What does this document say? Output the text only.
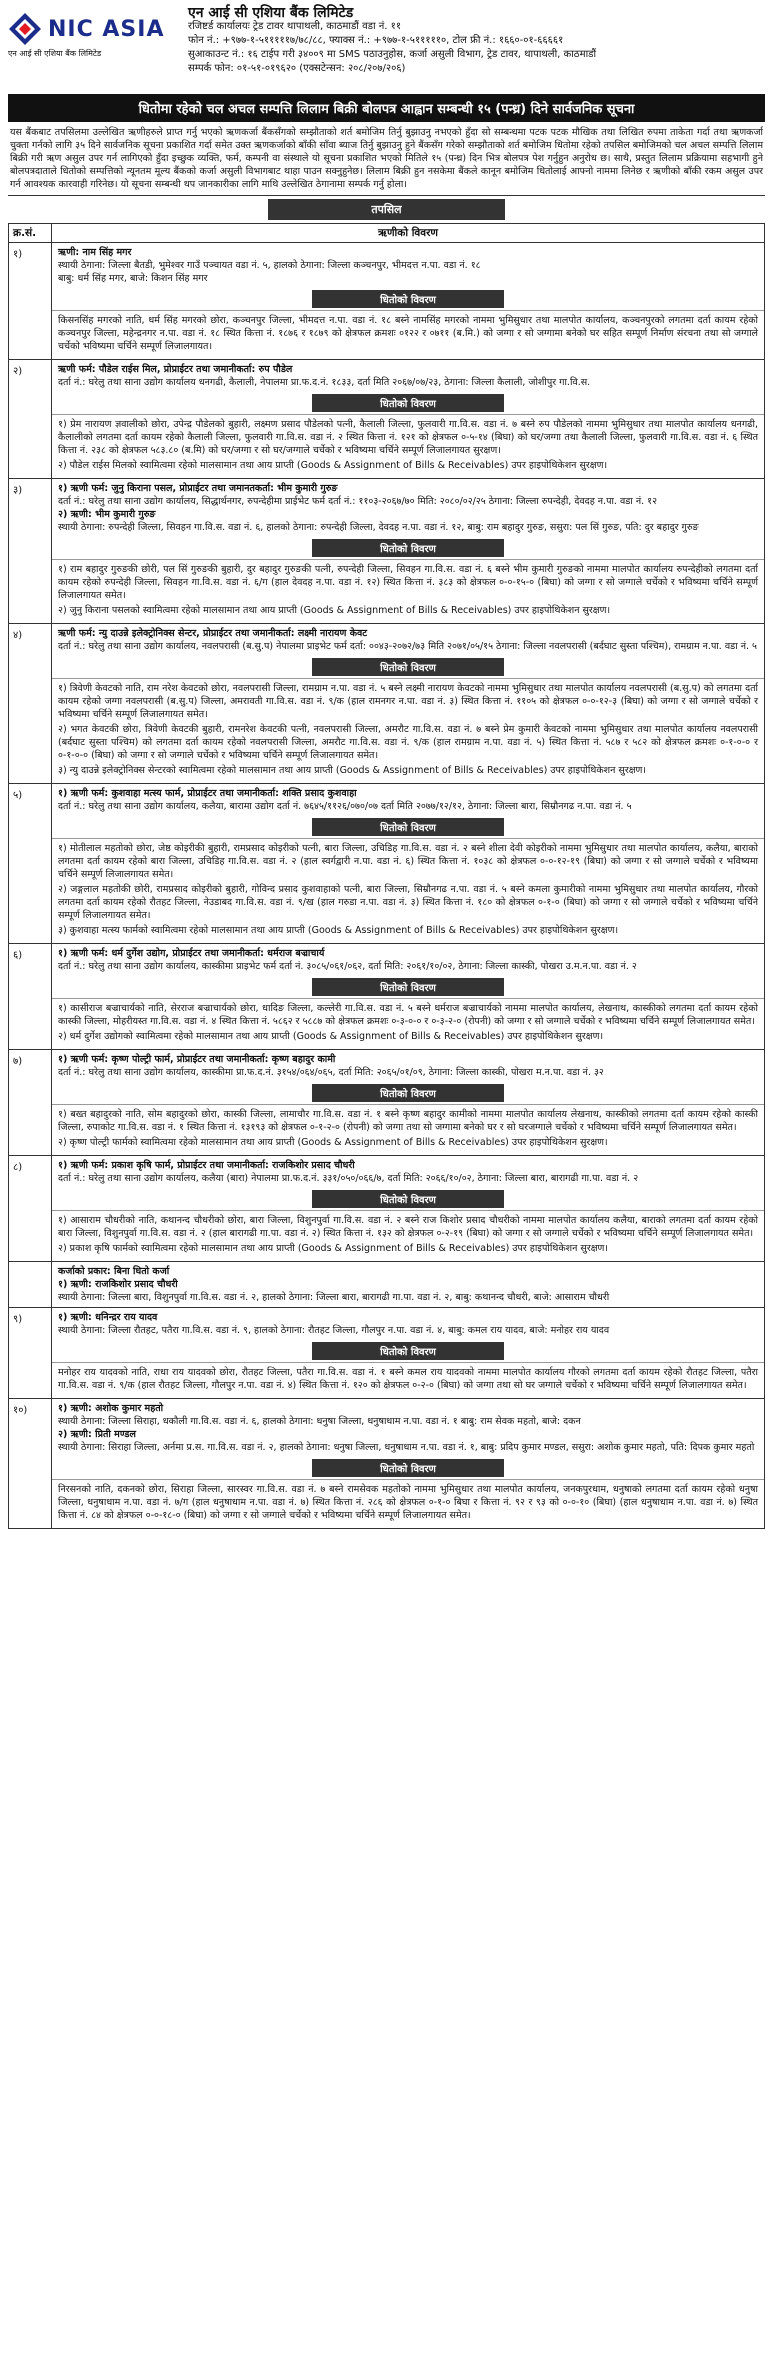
NIC ASIA
एन आई सी एशिया बैंक लिमिटेड
एन आई सी एशिया बैंक लिमिटेड
रजिष्टर्ड कार्यालयः ट्रेड टावर थापाथली, काठमाडौं वडा नं. ११
फोन नं.: +९७७-१-५१११११७/७८/८८, फ्याक्स नं.: +९७७-१-५१११११०, टोल फ्री नं.: १६६०-०१-६६६६१
सुआकाउन्ट नं.: १६ टाईप गरी ३४००९ मा SMS पठाउनुहोस, कर्जा असुली विभाग, ट्रेड टावर, थापाथली, काठमाडौं
सम्पर्क फोन: ०१-५१-०१९६२० (एक्सटेन्सन: २०८/२०७/२०६)
धितोमा रहेको चल अचल सम्पत्ति लिलाम बिक्री बोलपत्र आह्वान सम्बन्धी १५ (पन्ध्र) दिने सार्वजनिक सूचना
यस बैंकबाट तपसिलमा उल्लेखित ऋणीहरुले प्राप्त गर्नु भएको ऋणकर्जा बैंकसँगको सम्झौताको शर्त बमोजिम तिर्नु बुझाउनु नभएको हुँदा सो सम्बन्धमा पटक पटक मौखिक तथा लिखित रुपमा ताकेता गर्दा तथा ऋणकर्जा चुक्ता गर्नको लागि ३५ दिने सार्वजनिक सूचना प्रकाशित गर्दा समेत उक्त ऋणकर्जाको बाँकी साँवा ब्याज तिर्नु बुझाउनु हुने बैंकसँग गरेको सम्झौताको शर्त बमोजिम धितोमा रहेको तपसिल बमोजिमको चल अचल सम्पत्ति लिलाम बिक्री गरी ऋण असुल उपर गर्न लागिएको हुँदा इच्छुक व्यक्ति, फर्म, कम्पनी वा संस्थाले यो सूचना प्रकाशित भएको मितिले १५ (पन्ध्र) दिन भित्र बोलपत्र पेश गर्नुहुन अनुरोध छ। साथै, प्रस्तुत लिलाम प्रक्रियामा सहभागी हुने बोलपत्रदाताले धितोको सम्पत्तिको न्यूनतम मूल्य बैंकको कर्जा असुली विभागबाट थाहा पाउन सक्नुहुनेछ। लिलाम बिक्री हुन नसकेमा बैंकले कानून बमोजिम धितोलाई आफ्नो नाममा लिनेछ र ऋणीको बाँकी रकम असुल उपर गर्न आवश्यक कारवाही गरिनेछ। यो सूचना सम्बन्धी थप जानकारीका लागि माथि उल्लेखित ठेगानामा सम्पर्क गर्नु होला।
तपसिल
क्र.सं.	ऋणीको विवरण
१)	ऋणी: नाम सिंह मगर
स्थायी ठेगाना: जिल्ला बैतडी, भुमेश्वर गाउँ पञ्चायत वडा नं. ५, हालको ठेगाना: जिल्ला कञ्चनपुर, भीमदत्त न.पा. वडा नं. १८
बाबु: धर्म सिंह मगर, बाजे: किशन सिंह मगर
धितोको विवरण

किसनसिंह मगरको नाति, धर्म सिंह मगरको छोरा, कञ्चनपुर जिल्ला, भीमदत्त न.पा. वडा नं. १८ बस्ने नामसिंह मगरको नाममा भुमिसुधार तथा मालपोत कार्यालय, कञ्चनपुरको लगतमा दर्ता कायम रहेको कञ्चनपुर जिल्ला, महेन्द्रनगर न.पा. वडा नं. १८ स्थित कित्ता नं. १८७६ र १८७९ को क्षेत्रफल क्रमशः ०१२२ र ०७११ (ब.मि.) को जग्गा र सो जग्गामा बनेको घर सहित सम्पूर्ण निर्माण संरचना तथा सो जग्गाले चर्चेको भविष्यमा चर्चिने सम्पूर्ण लिजालगायत।

२)	ऋणी फर्म: पौडेल राईस मिल, प्रोप्राईटर तथा जमानीकर्ता: रुप पौडेल
दर्ता नं.: घरेलु तथा साना उद्योग कार्यालय धनगढी, कैलाली, नेपालमा प्रा.फ.द.नं. १८३३, दर्ता मिति २०६७/०७/२३, ठेगाना: जिल्ला कैलाली, जोशीपुर गा.वि.स.
धितोको विवरण

१) प्रेम नारायण ज्ञवालीको छोरा, उपेन्द्र पौडेलको बुहारी, लक्ष्मण प्रसाद पौडेलको पत्नी, कैलाली जिल्ला, फुलवारी गा.वि.स. वडा नं. ७ बस्ने रुप पौडेलको नाममा भुमिसुधार तथा मालपोत कार्यालय धनगढी, कैलालीको लगतमा दर्ता कायम रहेको कैलाली जिल्ला, फुलवारी गा.वि.स. वडा नं. २ स्थित कित्ता नं. १२१ को क्षेत्रफल ०-५-१४ (बिघा) को घर/जग्गा तथा कैलाली जिल्ला, फुलवारी गा.वि.स. वडा नं. ६ स्थित कित्ता नं. २३८ को क्षेत्रफल ५८३.८० (ब.मि) को घर/जग्गा र सो घर/जग्गाले चर्चेको र भविष्यमा चर्चिने सम्पूर्ण लिजालगायत सुरक्षण।

२) पौडेल राईस मिलको स्वामित्वमा रहेको मालसामान तथा आय प्राप्ती (Goods & Assignment of Bills & Receivables) उपर हाइपोथिकेशन सुरक्षण।

३)	१) ऋणी फर्म: जुनु किराना पसल, प्रोप्राईटर तथा जमानतकर्ता: भीम कुमारी गुरुङ
दर्ता नं.: घरेलु तथा साना उद्योग कार्यालय, सिद्धार्थनगर, रुपन्देहीमा प्राईभेट फर्म दर्ता नं.: ११०३-२०६७/७० मिति: २०८०/०२/२५ ठेगाना: जिल्ला रुपन्देही, देवदह न.पा. वडा नं. १२
२) ऋणी: भीम कुमारी गुरुङ
स्थायी ठेगाना: रुपन्देही जिल्ला, सिवहन गा.वि.स. वडा नं. ६, हालको ठेगाना: रुपन्देही जिल्ला, देवदह न.पा. वडा नं. १२, बाबु: राम बहादुर गुरुङ, ससुरा: पल सिं गुरुङ, पति: दुर बहादुर गुरुङ
धितोको विवरण

१) राम बहादुर गुरुङकी छोरी, पल सिं गुरुङकी बुहारी, दुर बहादुर गुरुङकी पत्नी, रुपन्देही जिल्ला, सिवहन गा.वि.स. वडा नं. ६ बस्ने भीम कुमारी गुरुङको नाममा मालपोत कार्यालय रुपन्देहीको लगतमा दर्ता कायम रहेको रुपन्देही जिल्ला, सिवहन गा.वि.स. वडा नं. ६/ग (हाल देवदह न.पा. वडा नं. १२) स्थित कित्ता नं. ३८३ को क्षेत्रफल ०-०-१५-० (बिघा) को जग्गा र सो जग्गाले चर्चेको र भविष्यमा चर्चिने सम्पूर्ण लिजालगायत समेत।

२) जुनु किराना पसलको स्वामित्वमा रहेको मालसामान तथा आय प्राप्ती (Goods & Assignment of Bills & Receivables) उपर हाइपोथिकेशन सुरक्षण।

४)	ऋणी फर्म: न्यु दाउन्ने इलेक्ट्रोनिक्स सेन्टर, प्रोप्राईटर तथा जमानीकर्ता: लक्ष्मी नारायण केवट
दर्ता नं.: घरेलु तथा साना उद्योग कार्यालय, नवलपरासी (ब.सु.प) नेपालमा प्राइभेट फर्म दर्ता: ००४३-२०७२/७३ मिति २०७१/०५/१५ ठेगाना: जिल्ला नवलपरासी (बर्दघाट सुस्ता पश्चिम), रामग्राम न.पा. वडा नं. ५
धितोको विवरण

१) त्रिवेणी केवटको नाति, राम नरेश केवटको छोरा, नवलपरासी जिल्ला, रामग्राम न.पा. वडा नं. ५ बस्ने लक्ष्मी नारायण केवटको नाममा भुमिसुधार तथा मालपोत कार्यालय नवलपरासी (ब.सु.प) को लगतमा दर्ता कायम रहेको जग्गा नवलपरासी (ब.सु.प) जिल्ला, अमरावती गा.वि.स. वडा नं. ९/क (हाल रामनगर न.पा. वडा नं. ३) स्थित कित्ता नं. ११०५ को क्षेत्रफल ०-०-१२-३ (बिघा) को जग्गा र सो जग्गाले चर्चेको र भविष्यमा चर्चिने सम्पूर्ण लिजालगायत समेत।

२) भगत केवटकी छोरा, त्रिवेणी केवटकी बुहारी, रामनरेश केवटकी पत्नी, नवलपरासी जिल्ला, अमरौट गा.वि.स. वडा नं. ७ बस्ने प्रेम कुमारी केवटको नाममा भुमिसुधार तथा मालपोत कार्यालय नवलपरासी (बर्दघाट सुस्ता पश्चिम) को लगतमा दर्ता कायम रहेको नवलपरासी जिल्ला, अमरौट गा.वि.स. वडा नं. ९/क (हाल रामग्राम न.पा. वडा नं. ५) स्थित कित्ता नं. ५८७ र ५८२ को क्षेत्रफल क्रमशः ०-१-०-० र ०-१-०-० (बिघा) को जग्गा र सो जग्गाले चर्चेको र भविष्यमा चर्चिने सम्पूर्ण लिजालगायत समेत।

३) न्यु दाउन्ने इलेक्ट्रोनिक्स सेन्टरको स्वामित्वमा रहेको मालसामान तथा आय प्राप्ती (Goods & Assignment of Bills & Receivables) उपर हाइपोथिकेशन सुरक्षण।

५)	१) ऋणी फर्म: कुशवाहा मत्स्य फार्म, प्रोप्राईटर तथा जमानीकर्ता: शक्ति प्रसाद कुशवाहा
दर्ता नं.: घरेलु तथा साना उद्योग कार्यालय, कलैया, बारामा उद्योग दर्ता नं. ७६४५/११२६/०७०/०७ दर्ता मिति २०७७/१२/१२, ठेगाना: जिल्ला बारा, सिम्रौनगढ न.पा. वडा नं. ५
धितोको विवरण

१) मोतीलाल महतोको छोरा, जेष्ठ कोइरीकी बुहारी, रामप्रसाद कोइरीको पत्नी, बारा जिल्ला, उचिडिह गा.वि.स. वडा नं. २ बस्ने शीला देवी कोइरीको नाममा भुमिसुधार तथा मालपोत कार्यालय, कलैया, बाराको लगतमा दर्ता कायम रहेको बारा जिल्ला, उचिडिह गा.वि.स. वडा नं. २ (हाल स्वर्गद्वारी न.पा. वडा नं. ६) स्थित कित्ता नं. १०३८ को क्षेत्रफल ०-०-१२-१९ (बिघा) को जग्गा र सो जग्गाले चर्चेको र भविष्यमा चर्चिने सम्पूर्ण लिजालगायत समेत।

२) जङ्गलाल महतोकी छोरी, रामप्रसाद कोइरीको बुहारी, गोविन्द प्रसाद कुशवाहाको पत्नी, बारा जिल्ला, सिम्रौनगढ न.पा. वडा नं. ५ बस्ने कमला कुमारीको नाममा भुमिसुधार तथा मालपोत कार्यालय, गौरको लगतमा दर्ता कायम रहेको रौतहट जिल्ला, नेउडाबद गा.वि.स. वडा नं. ९/ख (हाल गरुडा न.पा. वडा नं. ३) स्थित कित्ता नं. १८० को क्षेत्रफल ०-१-० (बिघा) को जग्गा र सो जग्गाले चर्चेको र भविष्यमा चर्चिने सम्पूर्ण लिजालगायत समेत।

३) कुशवाहा मत्स्य फार्मको स्वामित्वमा रहेको मालसामान तथा आय प्राप्ती (Goods & Assignment of Bills & Receivables) उपर हाइपोथिकेशन सुरक्षण।

६)	१) ऋणी फर्म: धर्म दुर्गेश उद्योग, प्रोप्राईटर तथा जमानीकर्ता: धर्मराज बज्राचार्य
दर्ता नं.: घरेलु तथा साना उद्योग कार्यालय, कास्कीमा प्राइभेट फर्म दर्ता नं. ३०८५/०६१/०६२, दर्ता मिति: २०६१/१०/०२, ठेगाना: जिल्ला कास्की, पोखरा उ.म.न.पा. वडा नं. २
धितोको विवरण

१) कासीराज बज्राचार्यको नाति, सेरराज बज्राचार्यको छोरा, धादिङ जिल्ला, कल्लेरी गा.वि.स. वडा नं. ५ बस्ने धर्मराज बज्राचार्यको नाममा मालपोत कार्यालय, लेखनाथ, कास्कीको लगतमा दर्ता कायम रहेको कास्की जिल्ला, मोहरीयस्त गा.वि.स. वडा नं. ४ स्थित कित्ता नं. ५८६२ र ५८८७ को क्षेत्रफल क्रमशः ०-३-०-० र ०-३-२-० (रोपनी) को जग्गा र सो जग्गाले चर्चेको र भविष्यमा चर्चिने सम्पूर्ण लिजालगायत समेत।

२) धर्म दुर्गेश उद्योगको स्वामित्वमा रहेको मालसामान तथा आय प्राप्ती (Goods & Assignment of Bills & Receivables) उपर हाइपोथिकेशन सुरक्षण।

७)	१) ऋणी फर्म: कृष्ण पोल्ट्री फार्म, प्रोप्राईटर तथा जमानीकर्ता: कृष्ण बहादुर कामी
दर्ता नं.: घरेलु तथा साना उद्योग कार्यालय, कास्कीमा प्रा.फ.द.नं. ३१५४/०६४/०६५, दर्ता मिति: २०६५/०१/०९, ठेगाना: जिल्ला कास्की, पोखरा म.न.पा. वडा नं. ३२
धितोको विवरण

१) बख्त बहादुरको नाति, सोम बहादुरको छोरा, कास्की जिल्ला, लामाचौर गा.वि.स. वडा नं. १ बस्ने कृष्ण बहादुर कामीको नाममा मालपोत कार्यालय लेखनाथ, कास्कीको लगतमा दर्ता कायम रहेको कास्की जिल्ला, रुपाकोट गा.वि.स. वडा नं. १ स्थित कित्ता नं. १३१९३ को क्षेत्रफल ०-१-२-० (रोपनी) को जग्गा तथा सो जग्गामा बनेको घर र सो घरजग्गाले चर्चेको र भविष्यमा चर्चिने सम्पूर्ण लिजालगायत समेत।

२) कृष्ण पोल्ट्री फार्मको स्वामित्वमा रहेको मालसामान तथा आय प्राप्ती (Goods & Assignment of Bills & Receivables) उपर हाइपोथिकेशन सुरक्षण।

८)	१) ऋणी फर्म: प्रकाश कृषि फार्म, प्रोप्राईटर तथा जमानीकर्ता: राजकिशोर प्रसाद चौधरी
दर्ता नं.: घरेलु तथा साना उद्योग कार्यालय, कलैया (बारा) नेपालमा प्रा.फ.द.नं. ३३१/०५०/०६६/७, दर्ता मिति: २०६६/१०/०२, ठेगाना: जिल्ला बारा, बारागढी गा.पा. वडा नं. २
धितोको विवरण

१) आसाराम चौधरीको नाति, कथानन्द चौधरीको छोरा, बारा जिल्ला, विशुनपुर्वा गा.वि.स. वडा नं. २ बस्ने राज किशोर प्रसाद चौधरीको नाममा मालपोत कार्यालय कलैया, बाराको लगतमा दर्ता कायम रहेको बारा जिल्ला, विशुनपुर्वा गा.वि.स. वडा नं. २ (हाल बारागढी गा.पा. वडा नं. २) स्थित कित्ता नं. १३२ को क्षेत्रफल ०-२-१९ (बिघा) को जग्गा र सो जग्गाले चर्चेको र भविष्यमा चर्चिने सम्पूर्ण लिजालगायत समेत।

२) प्रकाश कृषि फार्मको स्वामित्वमा रहेको मालसामान तथा आय प्राप्ती (Goods & Assignment of Bills & Receivables) उपर हाइपोथिकेशन सुरक्षण।

कर्जाको प्रकार: बिना धितो कर्जा
१) ऋणी: राजकिशोर प्रसाद चौधरी
स्थायी ठेगाना: जिल्ला बारा, विशुनपुर्वा गा.वि.स. वडा नं. २, हालको ठेगाना: जिल्ला बारा, बारागढी गा.पा. वडा नं. २, बाबु: कथानन्द चौधरी, बाजे: आसाराम चौधरी
९)	१) ऋणी: धनिन्द्रर राय यादव
स्थायी ठेगाना: जिल्ला रौतहट, पतैरा गा.वि.स. वडा नं. ९, हालको ठेगाना: रौतहट जिल्ला, गौलपुर न.पा. वडा नं. ४, बाबु: कमल राय यादव, बाजे: मनोहर राय यादव
धितोको विवरण

मनोहर राय यादवको नाति, राधा राय यादवको छोरा, रौतहट जिल्ला, पतैरा गा.वि.स. वडा नं. १ बस्ने कमल राय यादवको नाममा मालपोत कार्यालय गौरको लगतमा दर्ता कायम रहेको रौतहट जिल्ला, पतैरा गा.वि.स. वडा नं. ९/क (हाल रौतहट जिल्ला, गौलपुर न.पा. वडा नं. ४) स्थित कित्ता नं. १२० को क्षेत्रफल ०-२-० (बिघा) को जग्गा तथा सो घर जग्गाले चर्चेको र भविष्यमा चर्चिने सम्पूर्ण लिजालगायत समेत।

१०)	१) ऋणी: अशोक कुमार महतो
स्थायी ठेगाना: जिल्ला सिराहा, धकौली गा.वि.स. वडा नं. ६, हालको ठेगाना: धनुषा जिल्ला, धनुषाधाम न.पा. वडा नं. १ बाबु: राम सेवक महतो, बाजे: दकन
२) ऋणी: प्रिती मण्डल
स्थायी ठेगाना: सिराहा जिल्ला, अर्नमा प्र.स. गा.वि.स. वडा नं. २, हालको ठेगाना: धनुषा जिल्ला, धनुषाधाम न.पा. वडा नं. १, बाबु: प्रदिप कुमार मण्डल, ससुरा: अशोक कुमार महतो, पति: दिपक कुमार महतो
धितोको विवरण

निरसनको नाति, दकनको छोरा, सिराहा जिल्ला, सारस्वर गा.वि.स. वडा नं. ७ बस्ने रामसेवक महतोको नाममा भुमिसुधार तथा मालपोत कार्यालय, जनकपुरधाम, धनुषाको लगतमा दर्ता कायम रहेको धनुषा जिल्ला, धनुषाधाम न.पा. वडा नं. ७/ग (हाल धनुषाधाम न.पा. वडा नं. ७) स्थित कित्ता नं. २८६ को क्षेत्रफल ०-१-० बिघा र कित्ता नं. ९२ र ९३ को ०-०-१० (बिघा) (हाल धनुषाधाम न.पा. वडा नं. ७) स्थित कित्ता नं. ८४ को क्षेत्रफल ०-०-१८-० (बिघा) को जग्गा र सो जग्गाले चर्चेको र भविष्यमा चर्चिने सम्पूर्ण लिजालगायत समेत।
